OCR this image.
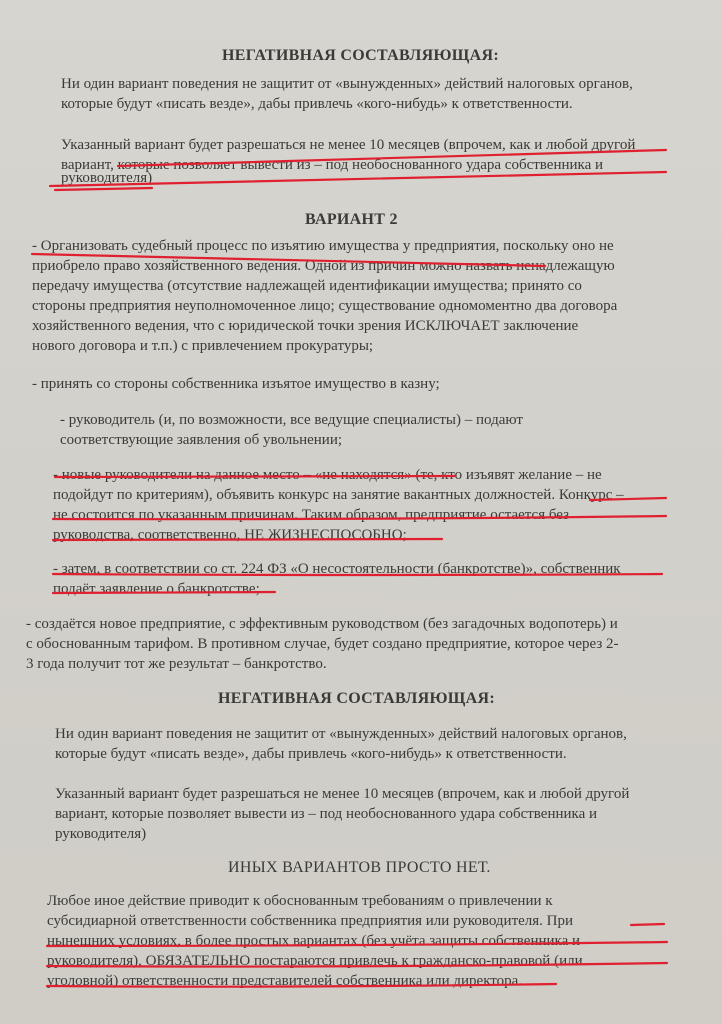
НЕГАТИВНАЯ СОСТАВЛЯЮЩАЯ:
Ни один вариант поведения не защитит от «вынужденных» действий налоговых органов,
которые будут «писать везде», дабы привлечь «кого-нибудь» к ответственности.
Указанный вариант будет разрешаться не менее 10 месяцев (впрочем, как и любой другой
вариант, которые позволяет вывести из – под необоснованного удара собственника и
руководителя)
ВАРИАНТ 2
- Организовать судебный процесс по изъятию имущества у предприятия, поскольку оно не
приобрело право хозяйственного ведения. Одной из причин можно назвать ненадлежащую
передачу имущества (отсутствие надлежащей идентификации имущества; принято со
стороны предприятия неуполномоченное лицо; существование одномоментно два договора
хозяйственного ведения, что с юридической точки зрения ИСКЛЮЧАЕТ заключение
нового договора и т.п.) с привлечением прокуратуры;
- принять со стороны собственника изъятое имущество в казну;
- руководитель (и, по возможности, все ведущие специалисты) – подают
соответствующие заявления об увольнении;
- новые руководители на данное место – «не находятся» (те, кто изъявят желание – не
подойдут по критериям), объявить конкурс на занятие вакантных должностей. Конкурс –
не состоится по указанным причинам. Таким образом, предприятие остается без
руководства, соответственно, НЕ ЖИЗНЕСПОСОБНО;
- затем, в соответствии со ст. 224 ФЗ «О несостоятельности (банкротстве)», собственник
подаёт заявление о банкротстве;
- создаётся новое предприятие, с эффективным руководством (без загадочных водопотерь) и
с обоснованным тарифом. В противном случае, будет создано предприятие, которое через 2-
3 года получит тот же результат – банкротство.
НЕГАТИВНАЯ СОСТАВЛЯЮЩАЯ:
Ни один вариант поведения не защитит от «вынужденных» действий налоговых органов,
которые будут «писать везде», дабы привлечь «кого-нибудь» к ответственности.
Указанный вариант будет разрешаться не менее 10 месяцев (впрочем, как и любой другой
вариант, которые позволяет вывести из – под необоснованного удара собственника и
руководителя)
ИНЫХ ВАРИАНТОВ ПРОСТО НЕТ.
Любое иное действие приводит к обоснованным требованиям о привлечении к
субсидиарной ответственности собственника предприятия или руководителя. При
нынешних условиях, в более простых вариантах (без учёта защиты собственника и
руководителя), ОБЯЗАТЕЛЬНО постараются привлечь к гражданско-правовой (или
уголовной) ответственности представителей собственника или директора.
